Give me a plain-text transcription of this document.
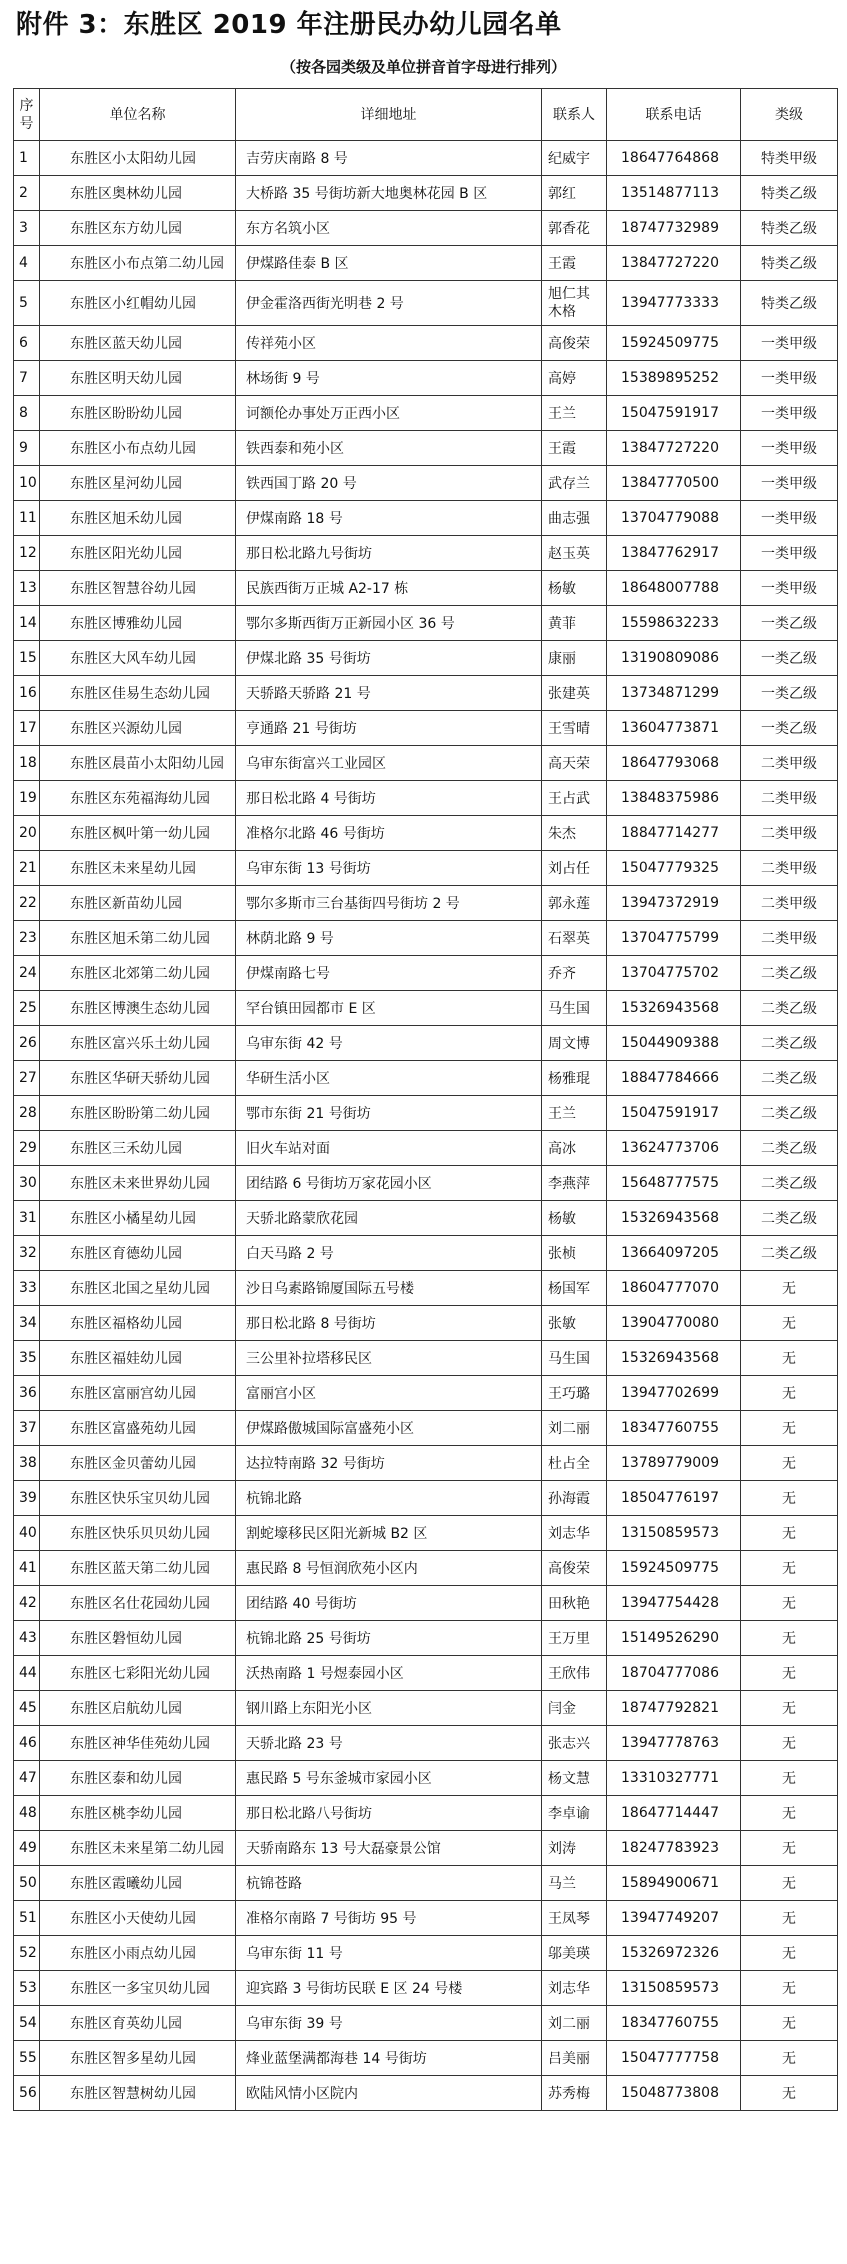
附件 3：东胜区 2019 年注册民办幼儿园名单
（按各园类级及单位拼音首字母进行排列）
序号	单位名称	详细地址	联系人	联系电话	类级
1	东胜区小太阳幼儿园	吉劳庆南路 8 号	纪威宇	18647764868	特类甲级
2	东胜区奥林幼儿园	大桥路 35 号街坊新大地奥林花园 B 区	郭红	13514877113	特类乙级
3	东胜区东方幼儿园	东方名筑小区	郭香花	18747732989	特类乙级
4	东胜区小布点第二幼儿园	伊煤路佳泰 B 区	王霞	13847727220	特类乙级
5	东胜区小红帽幼儿园	伊金霍洛西街光明巷 2 号	旭仁其木格	13947773333	特类乙级
6	东胜区蓝天幼儿园	传祥苑小区	高俊荣	15924509775	一类甲级
7	东胜区明天幼儿园	林场街 9 号	高婷	15389895252	一类甲级
8	东胜区盼盼幼儿园	诃额伦办事处万正西小区	王兰	15047591917	一类甲级
9	东胜区小布点幼儿园	铁西泰和苑小区	王霞	13847727220	一类甲级
10	东胜区星河幼儿园	铁西国丁路 20 号	武存兰	13847770500	一类甲级
11	东胜区旭禾幼儿园	伊煤南路 18 号	曲志强	13704779088	一类甲级
12	东胜区阳光幼儿园	那日松北路九号街坊	赵玉英	13847762917	一类甲级
13	东胜区智慧谷幼儿园	民族西街万正城 A2-17 栋	杨敏	18648007788	一类甲级
14	东胜区博雅幼儿园	鄂尔多斯西街万正新园小区 36 号	黄菲	15598632233	一类乙级
15	东胜区大风车幼儿园	伊煤北路 35 号街坊	康丽	13190809086	一类乙级
16	东胜区佳易生态幼儿园	天骄路天骄路 21 号	张建英	13734871299	一类乙级
17	东胜区兴源幼儿园	亨通路 21 号街坊	王雪晴	13604773871	一类乙级
18	东胜区晨苗小太阳幼儿园	乌审东街富兴工业园区	高天荣	18647793068	二类甲级
19	东胜区东苑福海幼儿园	那日松北路 4 号街坊	王占武	13848375986	二类甲级
20	东胜区枫叶第一幼儿园	准格尔北路 46 号街坊	朱杰	18847714277	二类甲级
21	东胜区未来星幼儿园	乌审东街 13 号街坊	刘占任	15047779325	二类甲级
22	东胜区新苗幼儿园	鄂尔多斯市三台基街四号街坊 2 号	郭永莲	13947372919	二类甲级
23	东胜区旭禾第二幼儿园	林荫北路 9 号	石翠英	13704775799	二类甲级
24	东胜区北郊第二幼儿园	伊煤南路七号	乔齐	13704775702	二类乙级
25	东胜区博澳生态幼儿园	罕台镇田园都市 E 区	马生国	15326943568	二类乙级
26	东胜区富兴乐土幼儿园	乌审东街 42 号	周文博	15044909388	二类乙级
27	东胜区华研天骄幼儿园	华研生活小区	杨雅琨	18847784666	二类乙级
28	东胜区盼盼第二幼儿园	鄂市东街 21 号街坊	王兰	15047591917	二类乙级
29	东胜区三禾幼儿园	旧火车站对面	高冰	13624773706	二类乙级
30	东胜区未来世界幼儿园	团结路 6 号街坊万家花园小区	李燕萍	15648777575	二类乙级
31	东胜区小橘星幼儿园	天骄北路蒙欣花园	杨敏	15326943568	二类乙级
32	东胜区育德幼儿园	白天马路 2 号	张桢	13664097205	二类乙级
33	东胜区北国之星幼儿园	沙日乌素路锦厦国际五号楼	杨国军	18604777070	无
34	东胜区福格幼儿园	那日松北路 8 号街坊	张敏	13904770080	无
35	东胜区福娃幼儿园	三公里补拉塔移民区	马生国	15326943568	无
36	东胜区富丽宫幼儿园	富丽宫小区	王巧璐	13947702699	无
37	东胜区富盛苑幼儿园	伊煤路傲城国际富盛苑小区	刘二丽	18347760755	无
38	东胜区金贝蕾幼儿园	达拉特南路 32 号街坊	杜占全	13789779009	无
39	东胜区快乐宝贝幼儿园	杭锦北路	孙海霞	18504776197	无
40	东胜区快乐贝贝幼儿园	割蛇壕移民区阳光新城 B2 区	刘志华	13150859573	无
41	东胜区蓝天第二幼儿园	惠民路 8 号恒润欣苑小区内	高俊荣	15924509775	无
42	东胜区名仕花园幼儿园	团结路 40 号街坊	田秋艳	13947754428	无
43	东胜区磐恒幼儿园	杭锦北路 25 号街坊	王万里	15149526290	无
44	东胜区七彩阳光幼儿园	沃热南路 1 号煜泰园小区	王欣伟	18704777086	无
45	东胜区启航幼儿园	钢川路上东阳光小区	闫金	18747792821	无
46	东胜区神华佳苑幼儿园	天骄北路 23 号	张志兴	13947778763	无
47	东胜区泰和幼儿园	惠民路 5 号东釜城市家园小区	杨文慧	13310327771	无
48	东胜区桃李幼儿园	那日松北路八号街坊	李卓谕	18647714447	无
49	东胜区未来星第二幼儿园	天骄南路东 13 号大磊豪景公馆	刘涛	18247783923	无
50	东胜区霞曦幼儿园	杭锦苍路	马兰	15894900671	无
51	东胜区小天使幼儿园	准格尔南路 7 号街坊 95 号	王凤琴	13947749207	无
52	东胜区小雨点幼儿园	乌审东街 11 号	邬美瑛	15326972326	无
53	东胜区一多宝贝幼儿园	迎宾路 3 号街坊民联 E 区 24 号楼	刘志华	13150859573	无
54	东胜区育英幼儿园	乌审东街 39 号	刘二丽	18347760755	无
55	东胜区智多星幼儿园	烽业蓝堡满都海巷 14 号街坊	吕美丽	15047777758	无
56	东胜区智慧树幼儿园	欧陆风情小区院内	苏秀梅	15048773808	无
